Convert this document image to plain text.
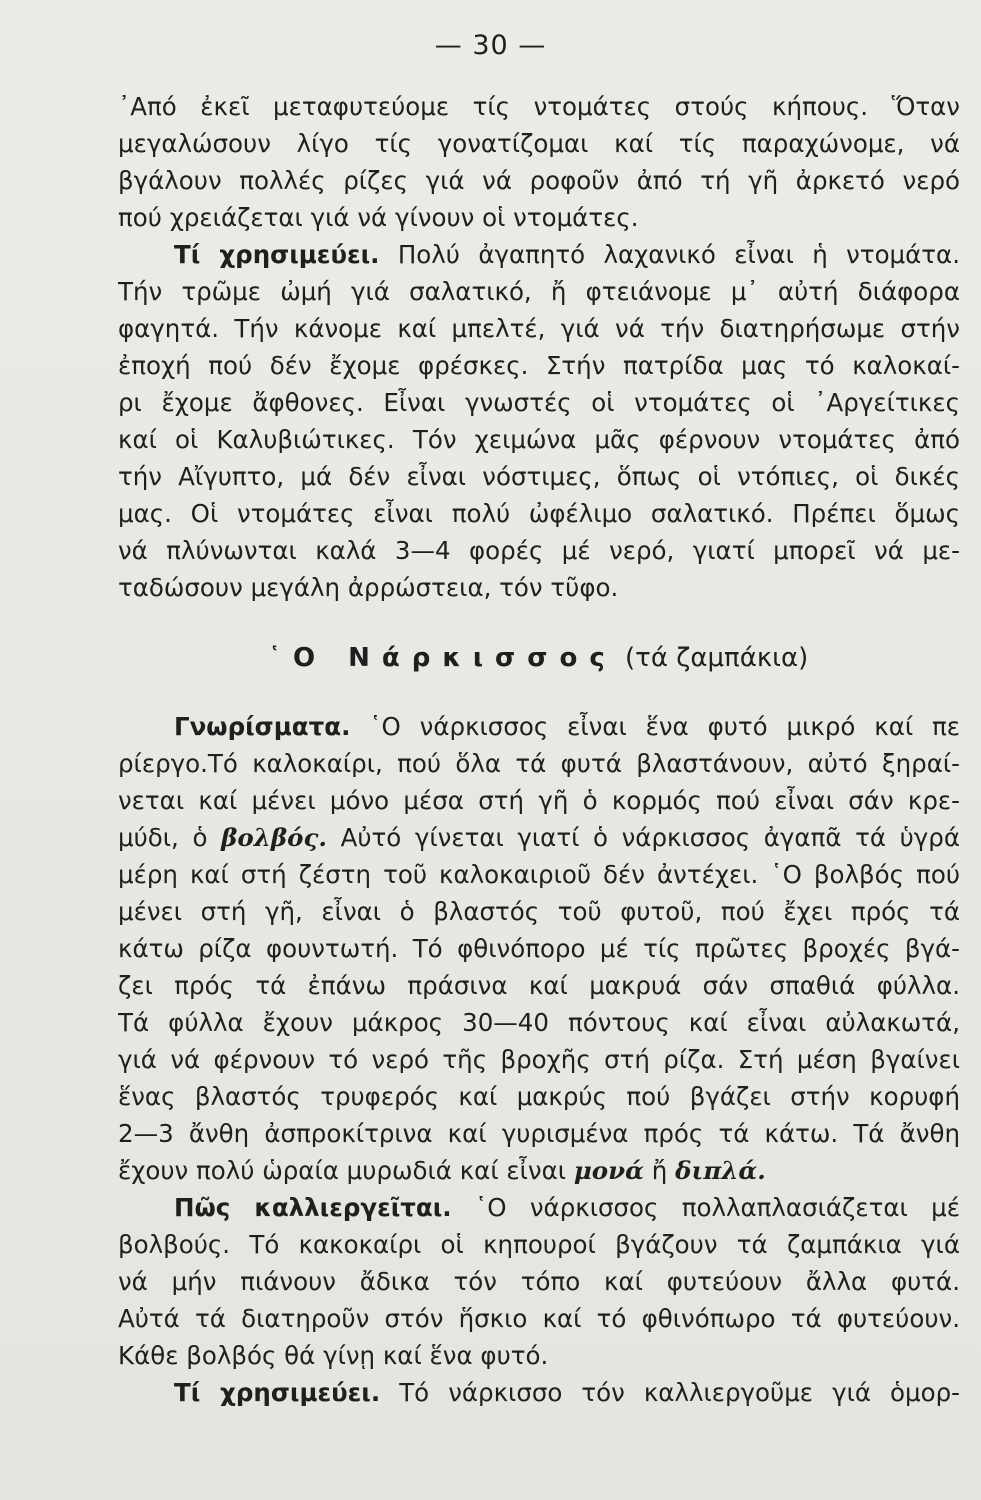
— 30 —
᾿Από ἐκεῖ μεταφυτεύομε τίς ντομάτες στούς κήπους. Ὅταν
μεγαλώσουν λίγο τίς γονατίζομαι καί τίς παραχώνομε, νά
βγάλουν πολλές ρίζες γιά νά ροφοῦν ἀπό τή γῆ ἀρκετό νερό
πού χρειάζεται γιά νά γίνουν οἱ ντομάτες.
Τί χρησιμεύει. Πολύ ἀγαπητό λαχανικό εἶναι ἡ ντομάτα.
Τήν τρῶμε ὠμή γιά σαλατικό, ἤ φτειάνομε μ᾽ αὐτή διάφορα
φαγητά. Τήν κάνομε καί μπελτέ, γιά νά τήν διατηρήσωμε στήν
ἐποχή πού δέν ἔχομε φρέσκες. Στήν πατρίδα μας τό καλοκαί-
ρι ἔχομε ἄφθονες. Εἶναι γνωστές οἱ ντομάτες οἱ ᾿Αργείτικες
καί οἱ Καλυβιώτικες. Τόν χειμώνα μᾶς φέρνουν ντομάτες ἀπό
τήν Αἴγυπτο, μά δέν εἶναι νόστιμες, ὅπως οἱ ντόπιες, οἱ δικές
μας. Οἱ ντομάτες εἶναι πολύ ὠφέλιμο σαλατικό. Πρέπει ὅμως
νά πλύνωνται καλά 3—4 φορές μέ νερό, γιατί μπορεῖ νά με-
ταδώσουν μεγάλη ἀρρώστεια, τόν τῦφο.
῾Ο Νάρκισσος (τά ζαμπάκια)
Γνωρίσματα. ῾Ο νάρκισσος εἶναι ἕνα φυτό μικρό καί πε
ρίεργο.Τό καλοκαίρι, πού ὅλα τά φυτά βλαστάνουν, αὐτό ξηραί-
νεται καί μένει μόνο μέσα στή γῆ ὁ κορμός πού εἶναι σάν κρε-
μύδι, ὁ βολβός. Αὐτό γίνεται γιατί ὁ νάρκισσος ἀγαπᾶ τά ὑγρά
μέρη καί στή ζέστη τοῦ καλοκαιριοῦ δέν ἀντέχει. ῾Ο βολβός πού
μένει στή γῆ, εἶναι ὁ βλαστός τοῦ φυτοῦ, πού ἔχει πρός τά
κάτω ρίζα φουντωτή. Τό φθινόπορο μέ τίς πρῶτες βροχές βγά-
ζει πρός τά ἐπάνω πράσινα καί μακρυά σάν σπαθιά φύλλα.
Τά φύλλα ἔχουν μάκρος 30—40 πόντους καί εἶναι αὐλακωτά,
γιά νά φέρνουν τό νερό τῆς βροχῆς στή ρίζα. Στή μέση βγαίνει
ἕνας βλαστός τρυφερός καί μακρύς πού βγάζει στήν κορυφή
2—3 ἄνθη ἀσπροκίτρινα καί γυρισμένα πρός τά κάτω. Τά ἄνθη
ἔχουν πολύ ὡραία μυρωδιά καί εἶναι μονά ἤ διπλά.
Πῶς καλλιεργεῖται. ῾Ο νάρκισσος πολλαπλασιάζεται μέ
βολβούς. Τό κακοκαίρι οἱ κηπουροί βγάζουν τά ζαμπάκια γιά
νά μήν πιάνουν ἄδικα τόν τόπο καί φυτεύουν ἄλλα φυτά.
Αὐτά τά διατηροῦν στόν ἥσκιο καί τό φθινόπωρο τά φυτεύουν.
Κάθε βολβός θά γίνῃ καί ἕνα φυτό.
Τί χρησιμεύει. Τό νάρκισσο τόν καλλιεργοῦμε γιά ὁμορ-
